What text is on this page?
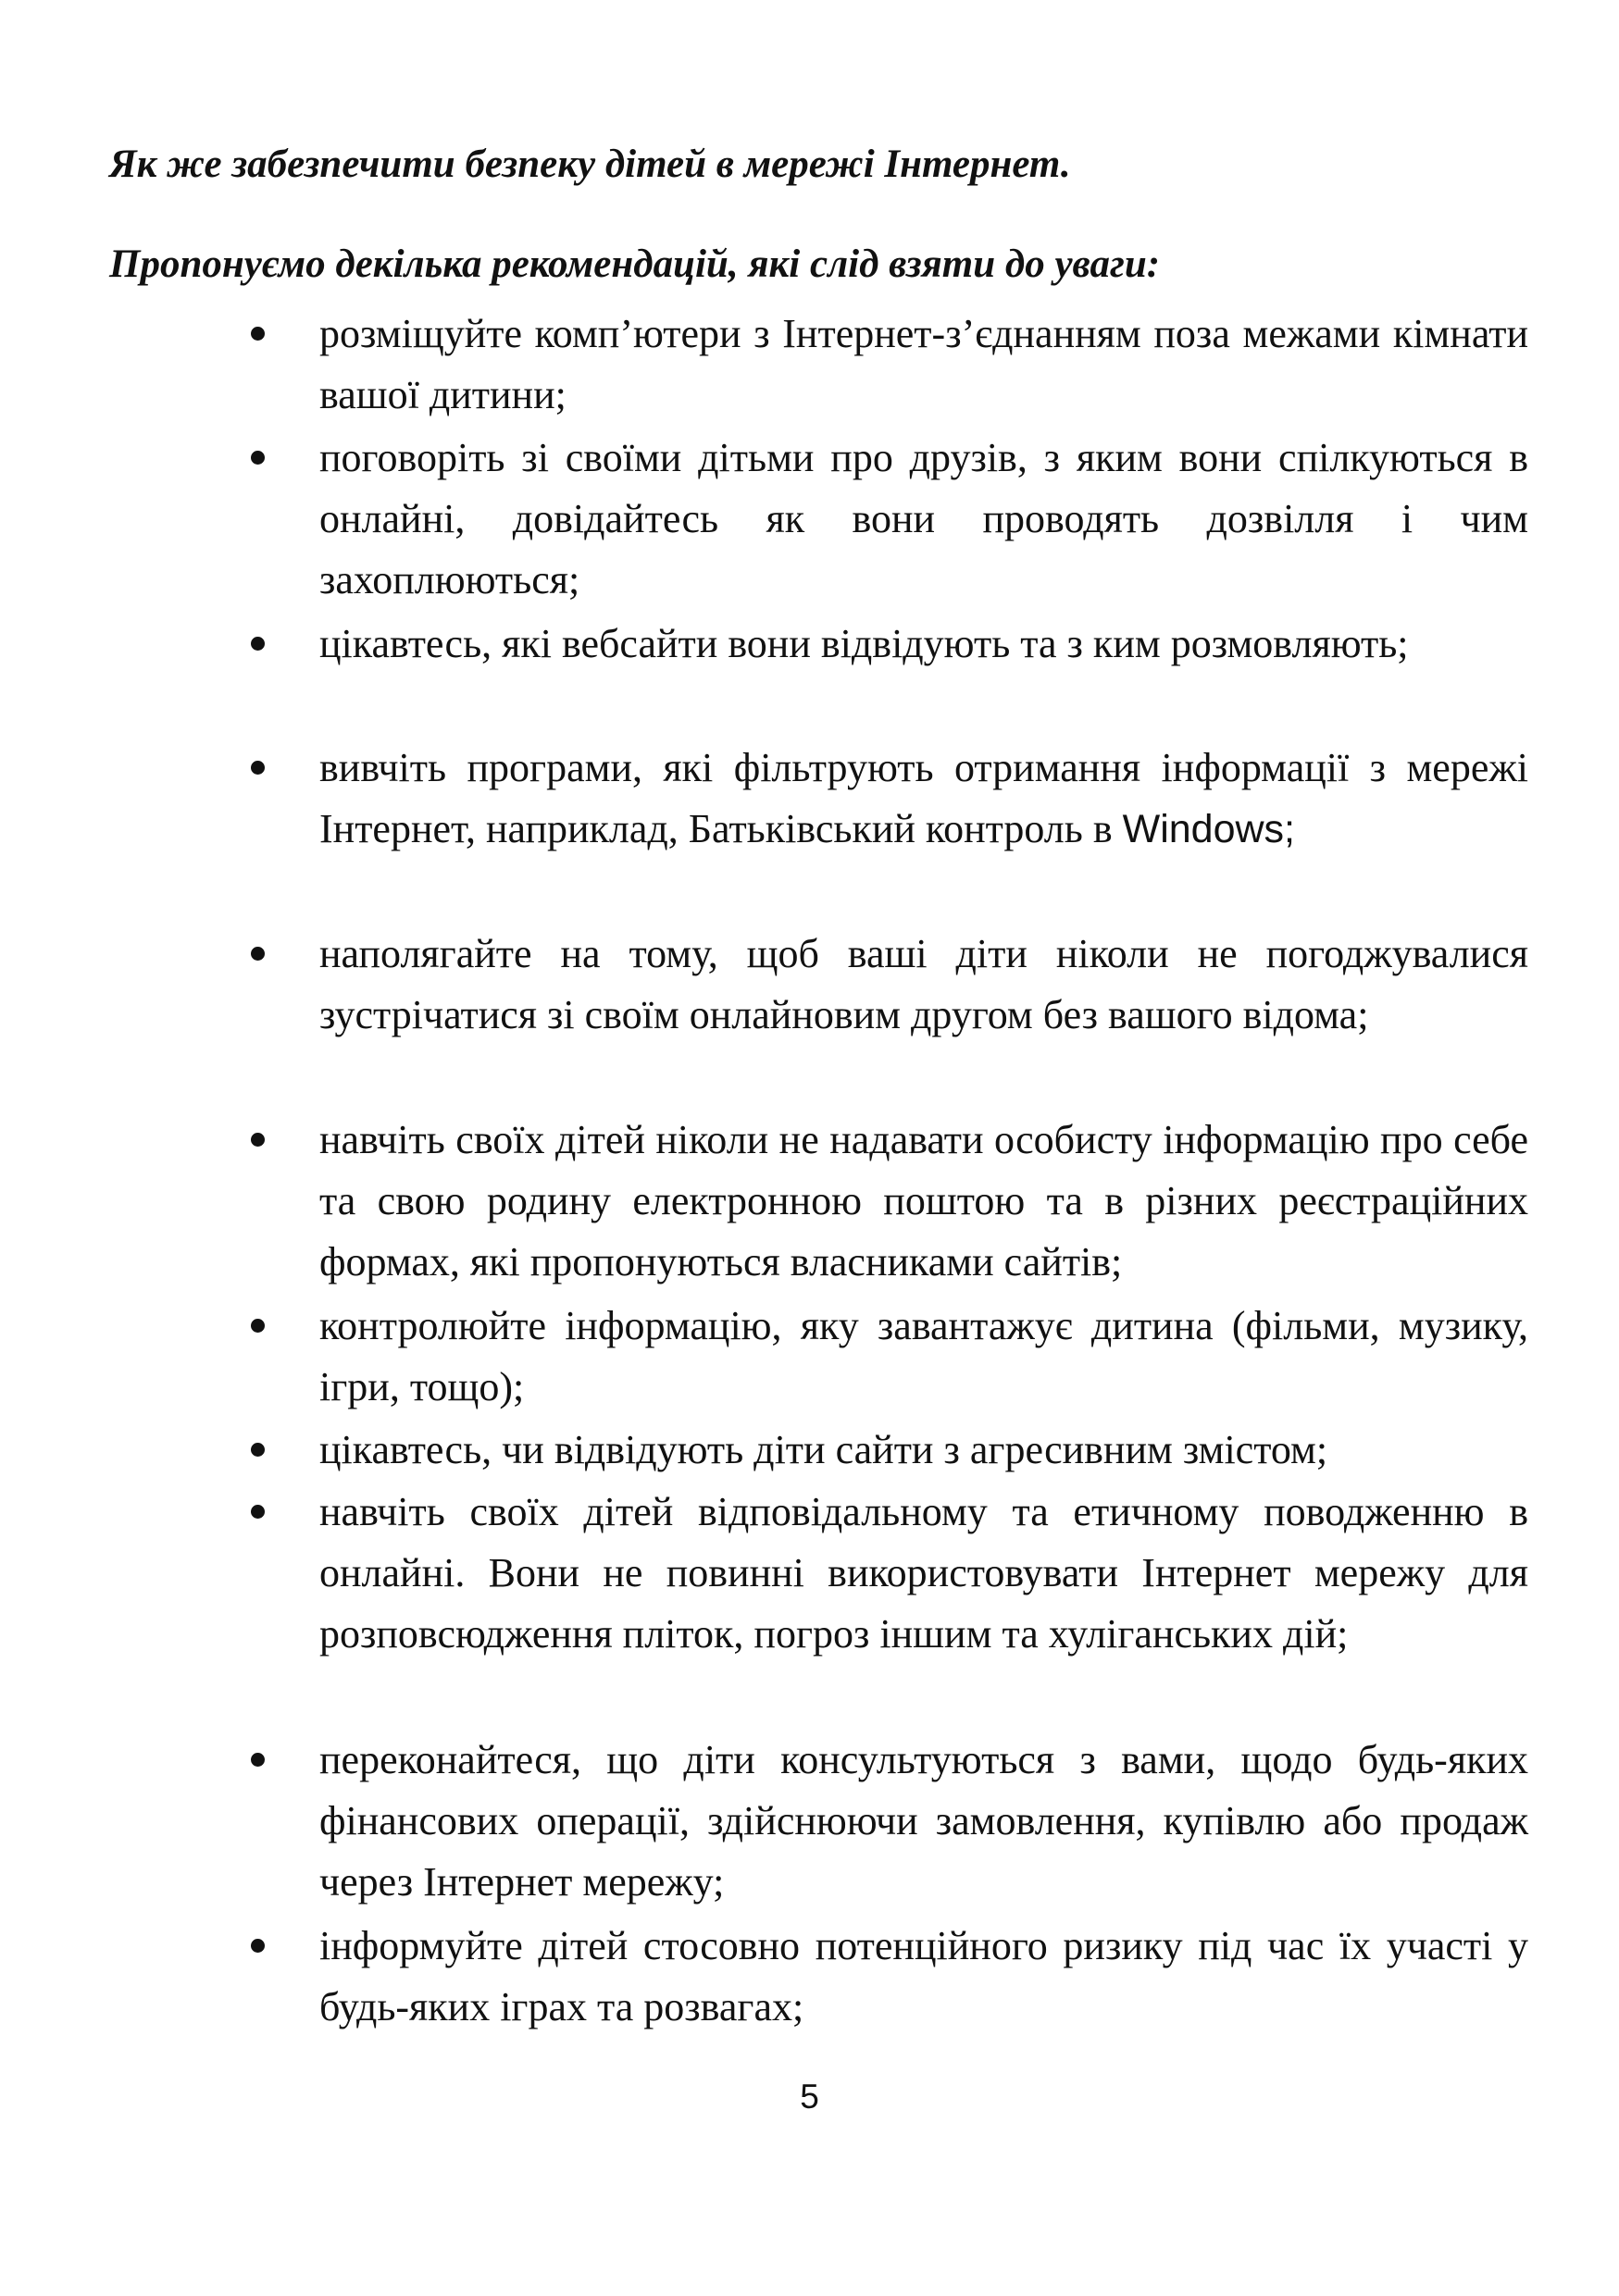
Як же забезпечити безпеку дітей в мережі Інтернет.

Пропонуємо декілька рекомендацій, які слід взяти до уваги:

розміщуйте комп’ютери з Інтернет-з’єднанням поза межами кімнати вашої дитини;

поговоріть зі своїми дітьми про друзів, з яким вони спілкуються в онлайні, довідайтесь як вони проводять дозвілля і чим захоплюються;

цікавтесь, які вебсайти вони відвідують та з ким розмовляють;

вивчіть програми, які фільтрують отримання інформації з мережі Інтернет, наприклад, Батьківський контроль в Windows;

наполягайте на тому, щоб ваші діти ніколи не погоджувалися зустрічатися зі своїм онлайновим другом без вашого відома;

навчіть своїх дітей ніколи не надавати особисту інформацію про себе та свою родину електронною поштою та в різних реєстраційних формах, які пропонуються власниками сайтів;

контролюйте інформацію, яку завантажує дитина (фільми, музику, ігри, тощо);

цікавтесь, чи відвідують діти сайти з агресивним змістом;

навчіть своїх дітей відповідальному та етичному поводженню в онлайні. Вони не повинні використовувати Інтернет мережу для розповсюдження пліток, погроз іншим та хуліганських дій;

переконайтеся, що діти консультуються з вами, щодо будь-яких фінансових операції, здійснюючи замовлення, купівлю або продаж через Інтернет мережу;

інформуйте дітей стосовно потенційного ризику під час їх участі у будь-яких іграх та розвагах;

5
